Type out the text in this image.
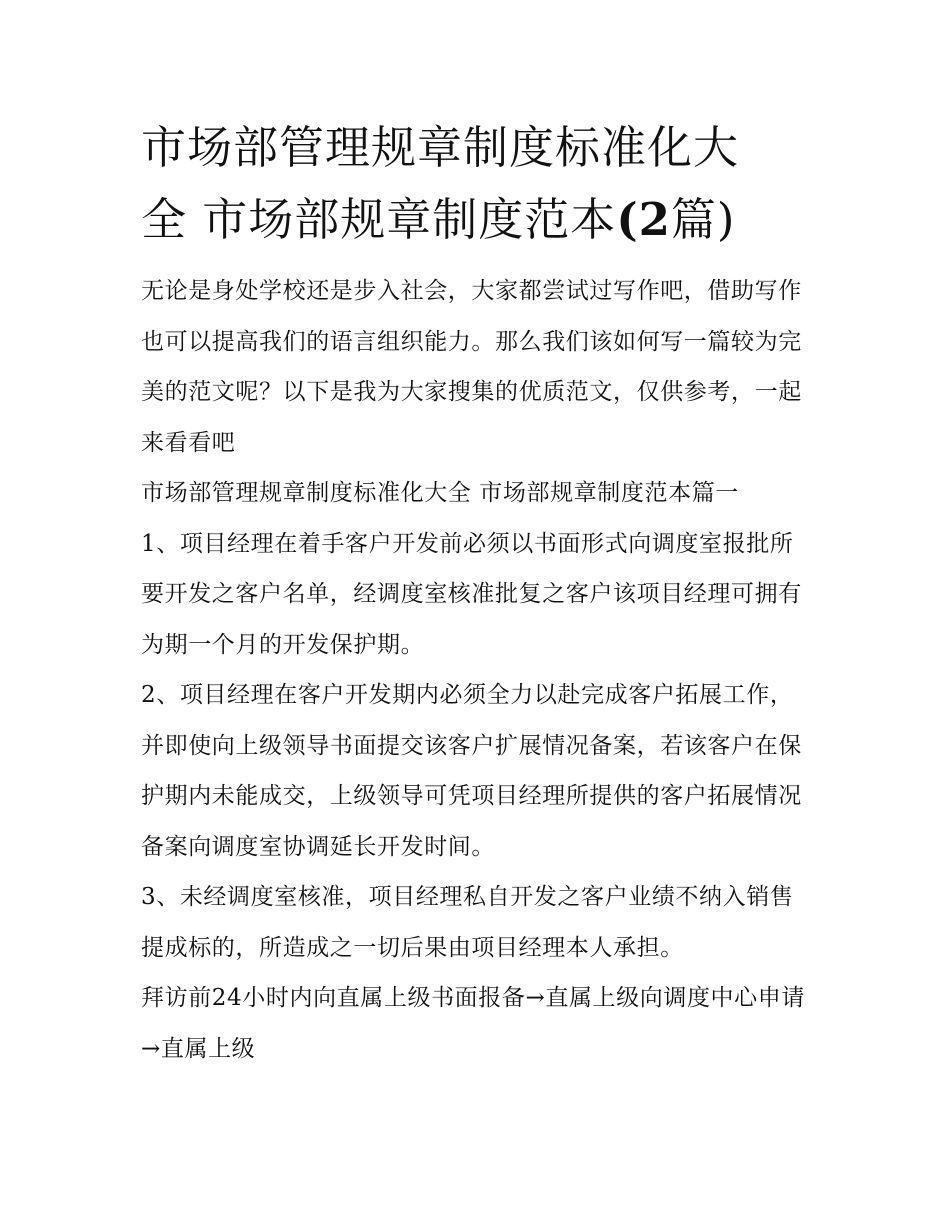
市场部管理规章制度标准化大
全 市场部规章制度范本(2篇)

无论是身处学校还是步入社会，大家都尝试过写作吧，借助写作也可以提高我们的语言组织能力。那么我们该如何写一篇较为完美的范文呢？以下是我为大家搜集的优质范文，仅供参考，一起来看看吧

市场部管理规章制度标准化大全 市场部规章制度范本篇一

1、项目经理在着手客户开发前必须以书面形式向调度室报批所要开发之客户名单，经调度室核准批复之客户该项目经理可拥有为期一个月的开发保护期。

2、项目经理在客户开发期内必须全力以赴完成客户拓展工作，并即使向上级领导书面提交该客户扩展情况备案，若该客户在保护期内未能成交，上级领导可凭项目经理所提供的客户拓展情况备案向调度室协调延长开发时间。

3、未经调度室核准，项目经理私自开发之客户业绩不纳入销售提成标的，所造成之一切后果由项目经理本人承担。

拜访前24小时内向直属上级书面报备→直属上级向调度中心申请→直属上级
